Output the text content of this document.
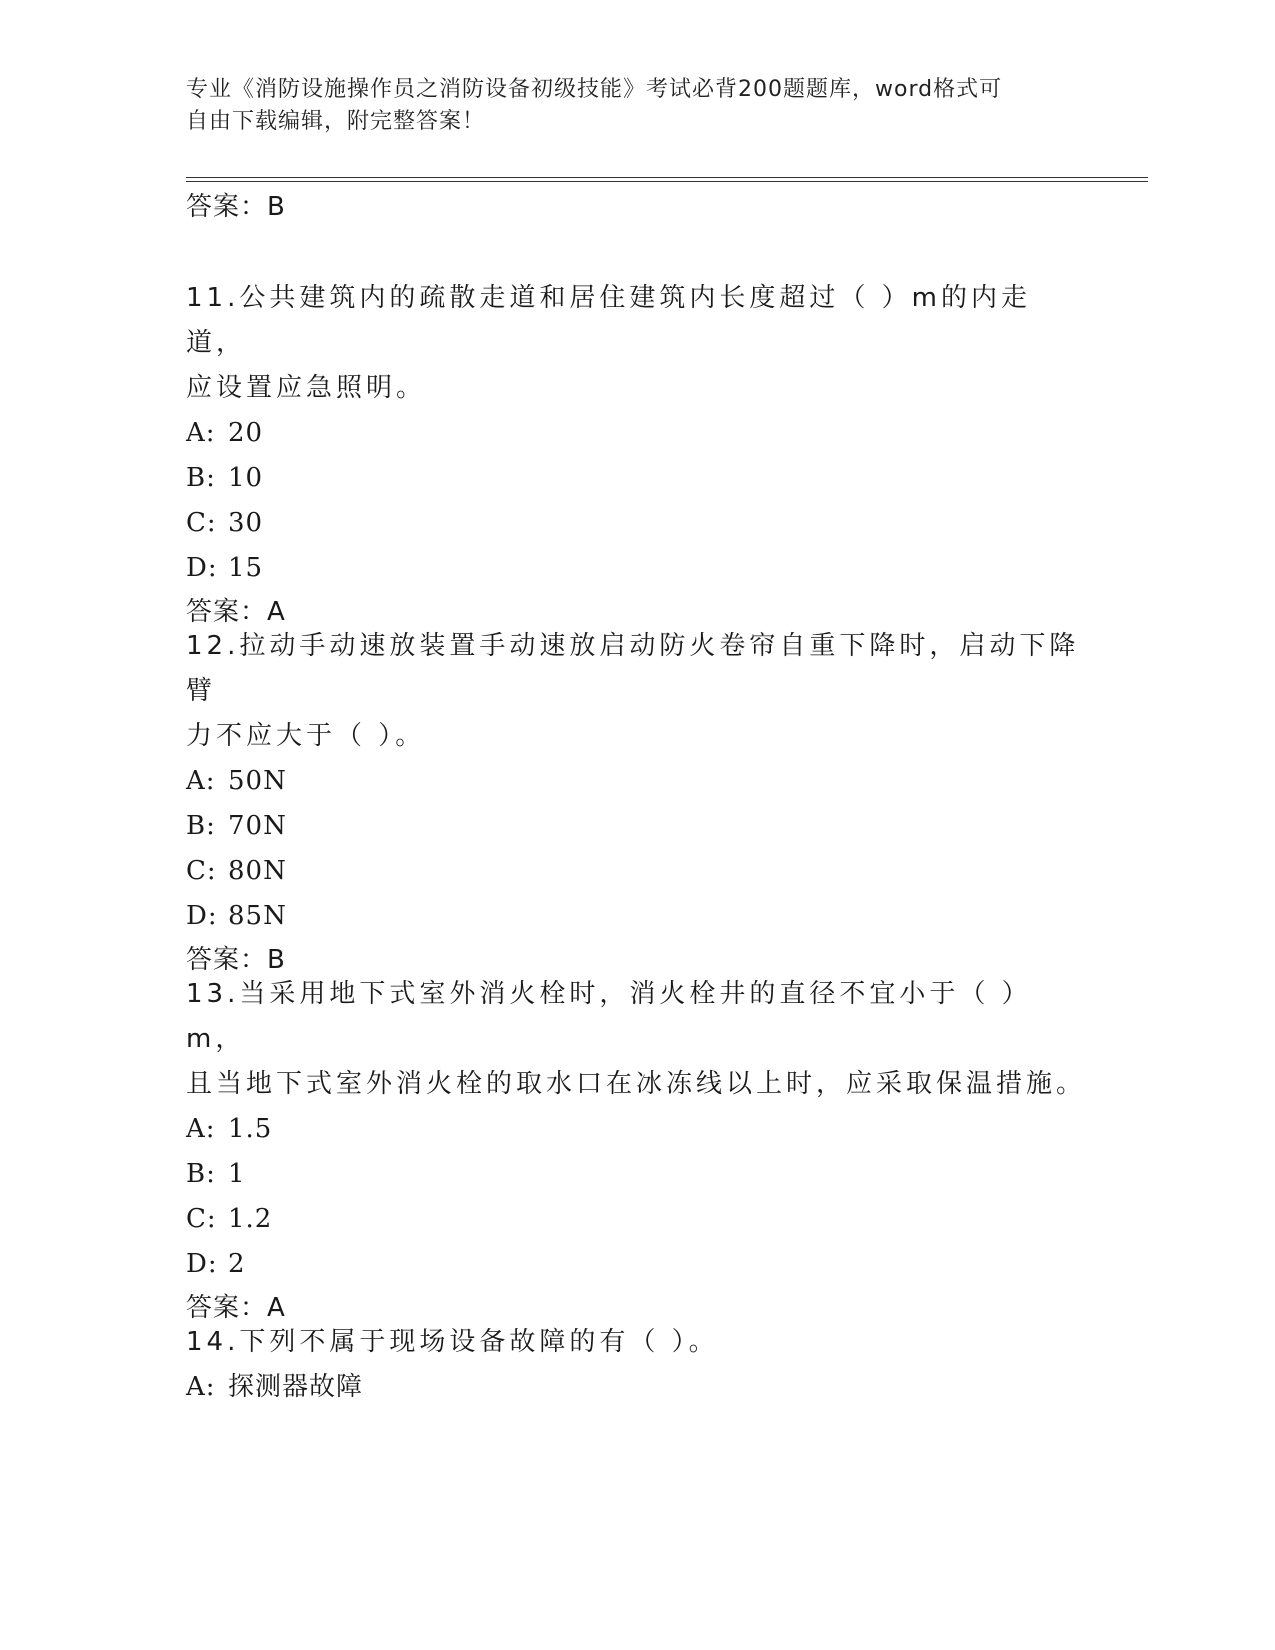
专业《消防设施操作员之消防设备初级技能》考试必背200题题库，word格式可
自由下载编辑，附完整答案！
答案：B
11.公共建筑内的疏散走道和居住建筑内长度超过（ ）m的内走道，
应设置应急照明。
A: 20
B: 10
C: 30
D: 15
答案：A
12.拉动手动速放装置手动速放启动防火卷帘自重下降时，启动下降臂
力不应大于（ ）。
A: 50N
B: 70N
C: 80N
D: 85N
答案：B
13.当采用地下式室外消火栓时，消火栓井的直径不宜小于（ ）m，
且当地下式室外消火栓的取水口在冰冻线以上时，应采取保温措施。
A: 1.5
B: 1
C: 1.2
D: 2
答案：A
14.下列不属于现场设备故障的有（ ）。
A: 探测器故障
